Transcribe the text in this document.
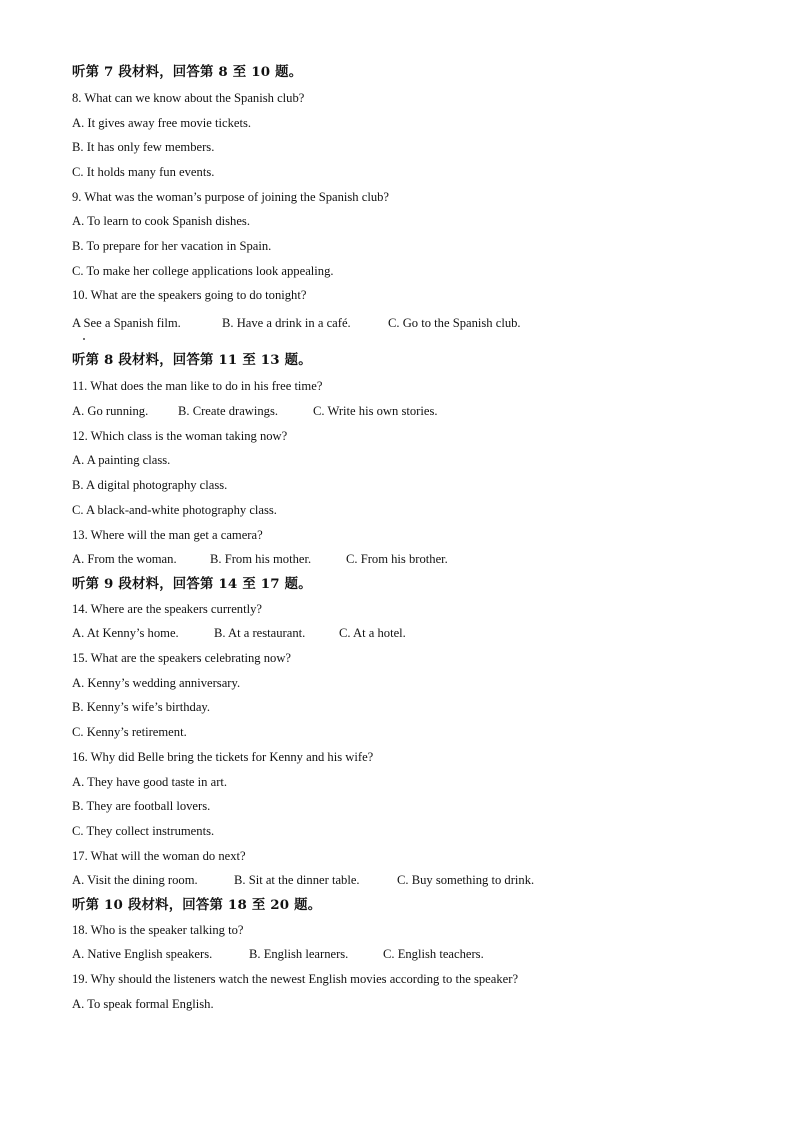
听第 7 段材料，回答第 8 至 10 题。
8. What can we know about the Spanish club?
A. It gives away free movie tickets.
B. It has only few members.
C. It holds many fun events.
9. What was the woman’s purpose of joining the Spanish club?
A. To learn to cook Spanish dishes.
B. To prepare for her vacation in Spain.
C. To make her college applications look appealing.
10. What are the speakers going to do tonight?
A See a Spanish film.	B. Have a drink in a café.	C. Go to the Spanish club.
听第 8 段材料，回答第 11 至 13 题。
11. What does the man like to do in his free time?
A. Go running. B. Create drawings.	C. Write his own stories.
12. Which class is the woman taking now?
A. A painting class.
B. A digital photography class.
C. A black-and-white photography class.
13. Where will the man get a camera?
A. From the woman.	B. From his mother.	C. From his brother.
听第 9 段材料，回答第 14 至 17 题。
14. Where are the speakers currently?
A. At Kenny’s home.	B. At a restaurant.	C. At a hotel.
15. What are the speakers celebrating now?
A. Kenny’s wedding anniversary.
B. Kenny’s wife’s birthday.
C. Kenny’s retirement.
16. Why did Belle bring the tickets for Kenny and his wife?
A. They have good taste in art.
B. They are football lovers.
C. They collect instruments.
17. What will the woman do next?
A. Visit the dining room.	B. Sit at the dinner table.	C. Buy something to drink.
听第 10 段材料，回答第 18 至 20 题。
18. Who is the speaker talking to?
A. Native English speakers.	B. English learners.	C. English teachers.
19. Why should the listeners watch the newest English movies according to the speaker?
A. To speak formal English.
